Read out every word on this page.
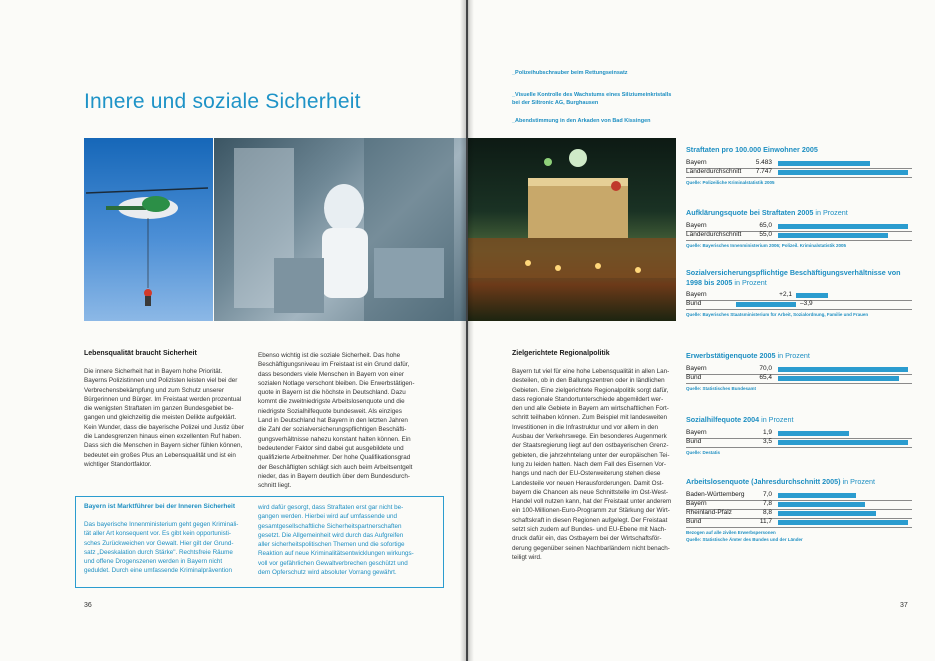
Innere und soziale Sicherheit
Lebensqualität braucht Sicherheit
Die innere Sicherheit hat in Bayern hohe Priorität.
Bayerns Polizistinnen und Polizisten leisten viel bei der
Verbrechensbekämpfung und zum Schutz unserer
Bürgerinnen und Bürger. Im Freistaat werden prozentual
die wenigsten Straftaten im ganzen Bundesgebiet be-
gangen und gleichzeitig die meisten Delikte aufgeklärt.
Kein Wunder, dass die bayerische Polizei und Justiz über
die Landesgrenzen hinaus einen exzellenten Ruf haben.
Dass sich die Menschen in Bayern sicher fühlen können,
bedeutet ein großes Plus an Lebensqualität und ist ein
wichtiger Standortfaktor.
Ebenso wichtig ist die soziale Sicherheit. Das hohe
Beschäftigungsniveau im Freistaat ist ein Grund dafür,
dass besonders viele Menschen in Bayern von einer
sozialen Notlage verschont bleiben. Die Erwerbstätigen-
quote in Bayern ist die höchste in Deutschland. Dazu
kommt die zweitniedrigste Arbeitslosenquote und die
niedrigste Sozialhilfequote bundesweit. Als einziges
Land in Deutschland hat Bayern in den letzten Jahren
die Zahl der sozialversicherungspflichtigen Beschäfti-
gungsverhältnisse nahezu konstant halten können. Ein
bedeutender Faktor sind dabei gut ausgebildete und
qualifizierte Arbeitnehmer. Der hohe Qualifikationsgrad
der Beschäftigten schlägt sich auch beim Arbeitsentgelt
nieder, das in Bayern deutlich über dem Bundesdurch-
schnitt liegt.
Bayern ist Marktführer bei der Inneren Sicherheit
Das bayerische Innenministerium geht gegen Kriminali-
tät aller Art konsequent vor. Es gibt kein opportunisti-
sches Zurückweichen vor Gewalt. Hier gilt der Grund-
satz „Deeskalation durch Stärke". Rechtsfreie Räume
und offene Drogenszenen werden in Bayern nicht
geduldet. Durch eine umfassende Kriminalprävention
wird dafür gesorgt, dass Straftaten erst gar nicht be-
gangen werden. Hierbei wird auf umfassende und
gesamtgesellschaftliche Sicherheitspartnerschaften
gesetzt. Die Allgemeinheit wird durch das Aufgreifen
aller sicherheitspolitischen Themen und die sofortige
Reaktion auf neue Kriminalitätsentwicklungen wirkungs-
voll vor gefährlichen Gewaltverbrechen geschützt und
dem Opferschutz wird absoluter Vorrang gewährt.
36
_Polizeihubschrauber beim Rettungseinsatz
_Visuelle Kontrolle des Wachstums eines Siliziumeinkristalls
bei der Siltronic AG, Burghausen
_Abendstimmung in den Arkaden von Bad Kissingen
Zielgerichtete Regionalpolitik
Bayern tut viel für eine hohe Lebensqualität in allen Lan-
desteilen, ob in den Ballungszentren oder in ländlichen
Gebieten. Eine zielgerichtete Regionalpolitik sorgt dafür,
dass regionale Standortunterschiede abgemildert wer-
den und alle Gebiete in Bayern am wirtschaftlichen Fort-
schritt teilhaben können. Zum Beispiel mit landesweiten
Investitionen in die Infrastruktur und vor allem in den
Ausbau der Verkehrswege. Ein besonderes Augenmerk
der Staatsregierung liegt auf den ostbayerischen Grenz-
gebieten, die jahrzehntelang unter der europäischen Tei-
lung zu leiden hatten. Nach dem Fall des Eisernen Vor-
hangs und nach der EU-Osterweiterung stehen diese
Landesteile vor neuen Herausforderungen. Damit Ost-
bayern die Chancen als neue Schnittstelle im Ost-West-
Handel voll nutzen kann, hat der Freistaat unter anderem
ein 100-Millionen-Euro-Programm zur Stärkung der Wirt-
schaftskraft in diesen Regionen aufgelegt. Der Freistaat
setzt sich zudem auf Bundes- und EU-Ebene mit Nach-
druck dafür ein, das Ostbayern bei der Wirtschaftsför-
derung gegenüber seinen Nachbarländern nicht benach-
teiligt wird.
Straftaten pro 100.000 Einwohner 2005
Bayern	5.483
Länderdurchschnitt	7.747
Quelle: Polizeiliche Kriminalstatistik 2005
Aufklärungsquote bei Straftaten 2005 in Prozent
Bayern	65,0
Länderdurchschnitt	55,0
Quelle: Bayerisches Innenministerium 2006; Polizeil. Kriminalstatistik 2005
Sozialversicherungspflichtige Beschäftigungsverhältnisse von 1998 bis 2005 in Prozent
Bayern	+2,1
Bund	–3,9
Quelle: Bayerisches Staatsministerium für Arbeit, Sozialordnung, Familie und Frauen
Erwerbstätigenquote 2005 in Prozent
Bayern	70,0
Bund	65,4
Quelle: Statistisches Bundesamt
Sozialhilfequote 2004 in Prozent
Bayern	1,9
Bund	3,5
Quelle: Destatis
Arbeitslosenquote (Jahresdurchschnitt 2005) in Prozent
Baden-Württemberg	7,0
Bayern	7,8
Rheinland-Pfalz	8,8
Bund	11,7
Bezogen auf alle zivilen Erwerbspersonen
Quelle: Statistische Ämter des Bundes und der Länder
37
